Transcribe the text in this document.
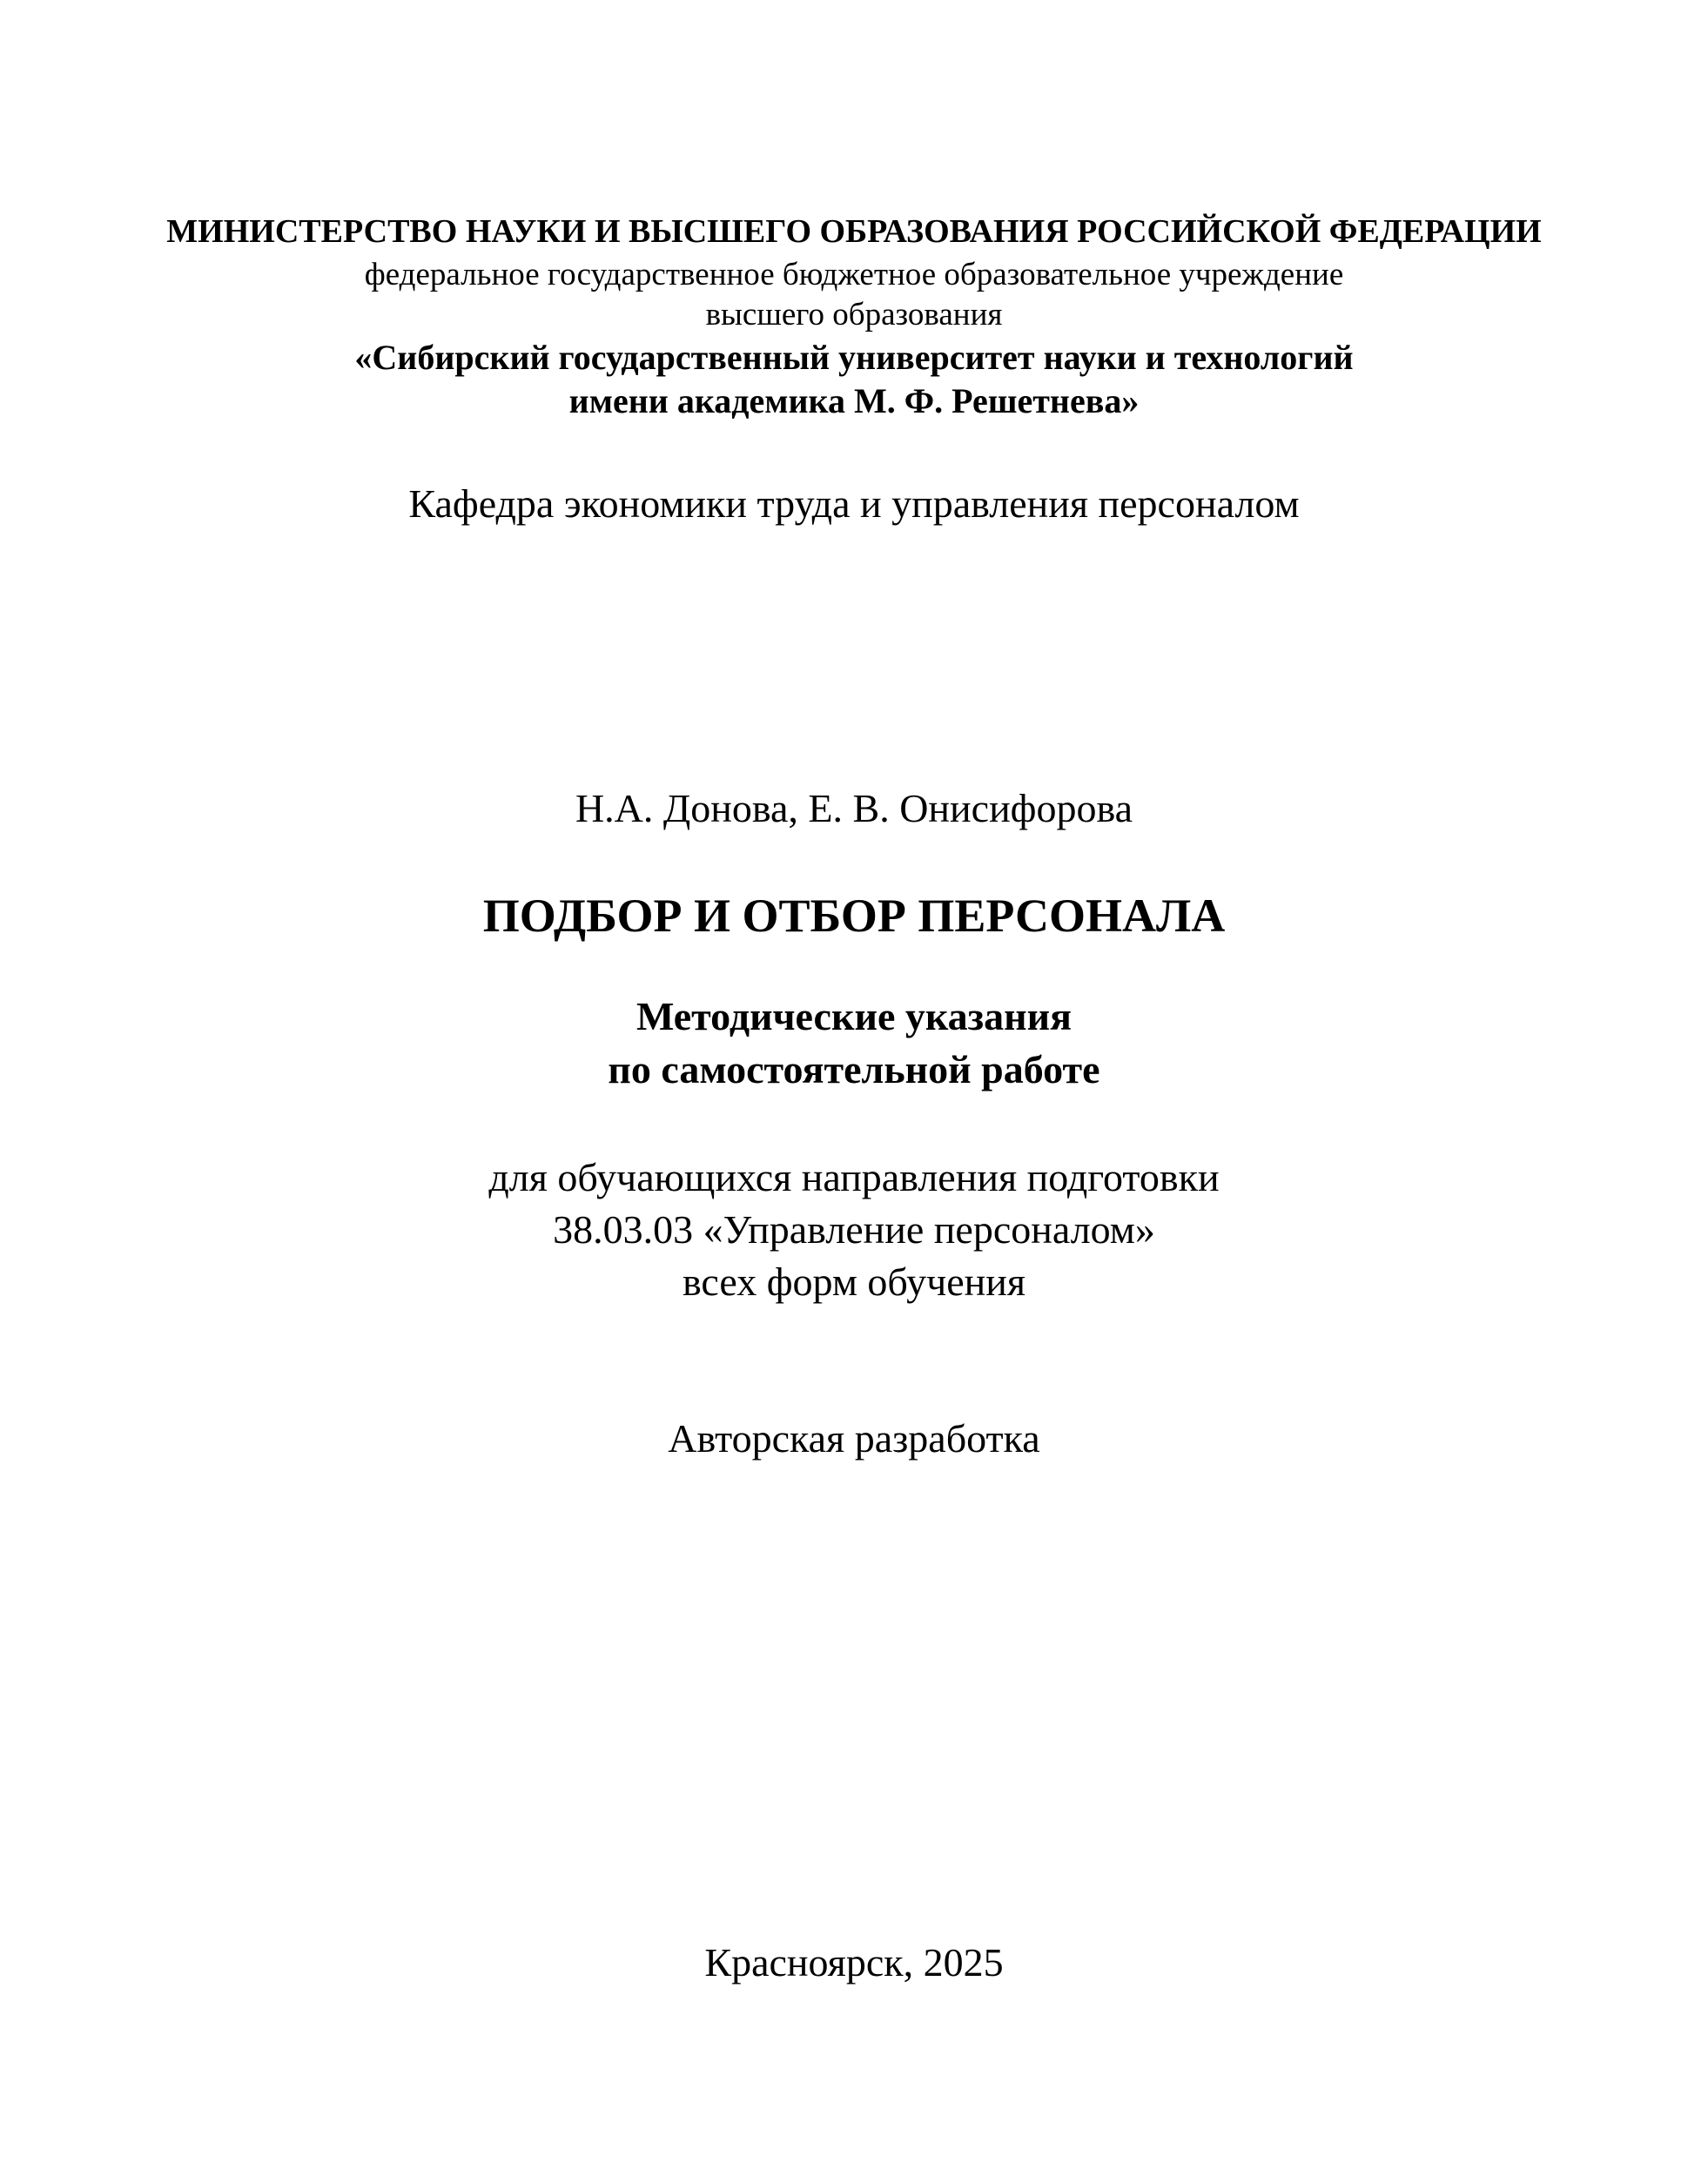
МИНИСТЕРСТВО НАУКИ И ВЫСШЕГО ОБРАЗОВАНИЯ РОССИЙСКОЙ ФЕДЕРАЦИИ
федеральное государственное бюджетное образовательное учреждение
высшего образования
«Сибирский государственный университет науки и технологий
имени академика М. Ф. Решетнева»
Кафедра экономики труда и управления персоналом
Н.А. Донова, Е. В. Онисифорова
ПОДБОР И ОТБОР ПЕРСОНАЛА
Методические указания
по самостоятельной работе
для обучающихся направления подготовки
38.03.03 «Управление персоналом»
всех форм обучения
Авторская разработка
Красноярск, 2025
